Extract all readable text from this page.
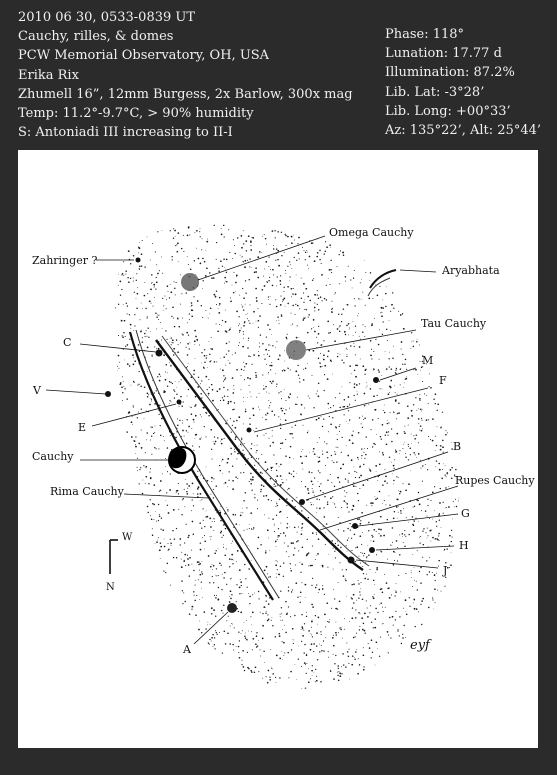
2010 06 30, 0533-0839 UT
Cauchy, rilles, & domes
PCW Memorial Observatory, OH, USA
Erika Rix
Zhumell 16”, 12mm Burgess, 2x Barlow, 300x mag
Temp: 11.2°-9.7°C, > 90% humidity
S: Antoniadi III increasing to II-I
Phase: 118°
Lunation: 17.77 d
Illumination: 87.2%
Lib. Lat: -3°28’
Lib. Long: +00°33’
Az: 135°22’, Alt: 25°44’
Zahringer ?
Omega Cauchy
Aryabhata
Tau Cauchy
C
M
F
V
E
B
Cauchy
Rupes Cauchy
Rima Cauchy
G
H
J
A
W
N
eyf
